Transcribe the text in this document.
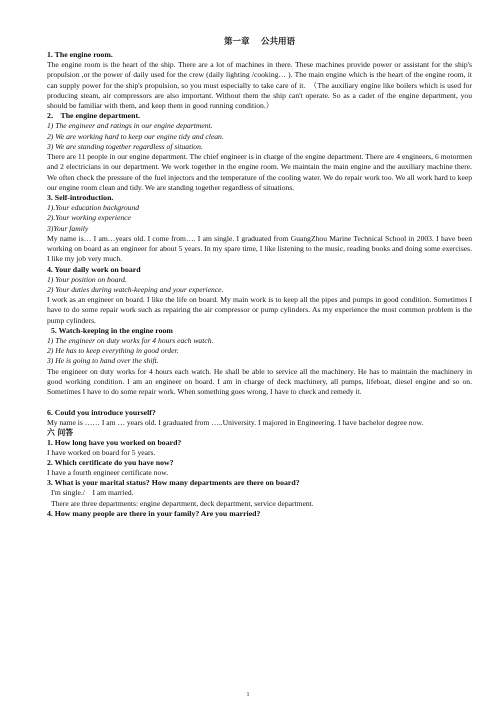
第一章　 公共用语
1. The engine room.
The engine room is the heart of the ship. There are a lot of machines in there. These machines provide power or assistant for the ship's propulsion ,or the power of daily used for the crew (daily lighting /cooking… ). The main engine which is the heart of the engine room, it can supply power for the ship's propulsion, so you must especially to take care of it.　（The auxiliary engine like boilers which is used for producing steam, air compressors are also important. Without them the ship can't operate. So as a cadet of the engine department, you should be familiar with them, and keep them in good running condition.）
2． The engine department.
1) The engineer and ratings in our engine department.
2) We are working hard to keep our engine tidy and clean.
3) We are standing together regardless of situation.
There are 11 people in our engine department. The chief engineer is in charge of the engine department. There are 4 engineers, 6 motormen and 2 electricians in our department. We work together in the engine room. We maintain the main engine and the auxiliary machine there. We often check the pressure of the fuel injectors and the temperature of the cooling water. We do repair work too. We all work hard to keep our engine room clean and tidy. We are standing together regardless of situations.
3. Self-introduction.
1).Your education background
2).Your working experience
3)Your family
My name is… I am…years old. I come from…. I am single. I graduated from GuangZhou Marine Technical School in 2003. I have been working on board as an engineer for about 5 years. In my spare time, I like listening to the music, reading books and doing some exercises. I like my job very much.
4. Your daily work on board
1) Your position on board.
2) Your duties during watch-keeping and your experience.
I work as an engineer on board. I like the life on board. My main work is to keep all the pipes and pumps in good condition. Sometimes I have to do some repair work such as repairing the air compressor or pump cylinders. As my experience the most common problem is the pump cylinders.
5. Watch-keeping in the engine room
1) The engineer on duty works for 4 hours each watch.
2) He has to keep everything in good order.
3) He is going to hand over the shift.
The engineer on duty works for 4 hours each watch. He shall be able to service all the machinery. He has to maintain the machinery in good working condition. I am an engineer on board. I am in charge of deck machinery, all pumps, lifeboat, diesel engine and so on. Sometimes I have to do some repair work. When something goes wrong, I have to check and remedy it.
6. Could you introduce yourself?
My name is …… I am … years old. I graduated from …..University. I majored in Engineering. I have bachelor degree now.
六 问答
1. How long have you worked on board?
I have worked on board for 5 years.
2. Which certificate do you have now?
I have a fourth engineer certificate now.
3. What is your marital status? How many departments are there on board?
I'm single./　I am married.
There are three departments: engine department, deck department, service department.
4. How many people are there in your family? Are you married?
1
